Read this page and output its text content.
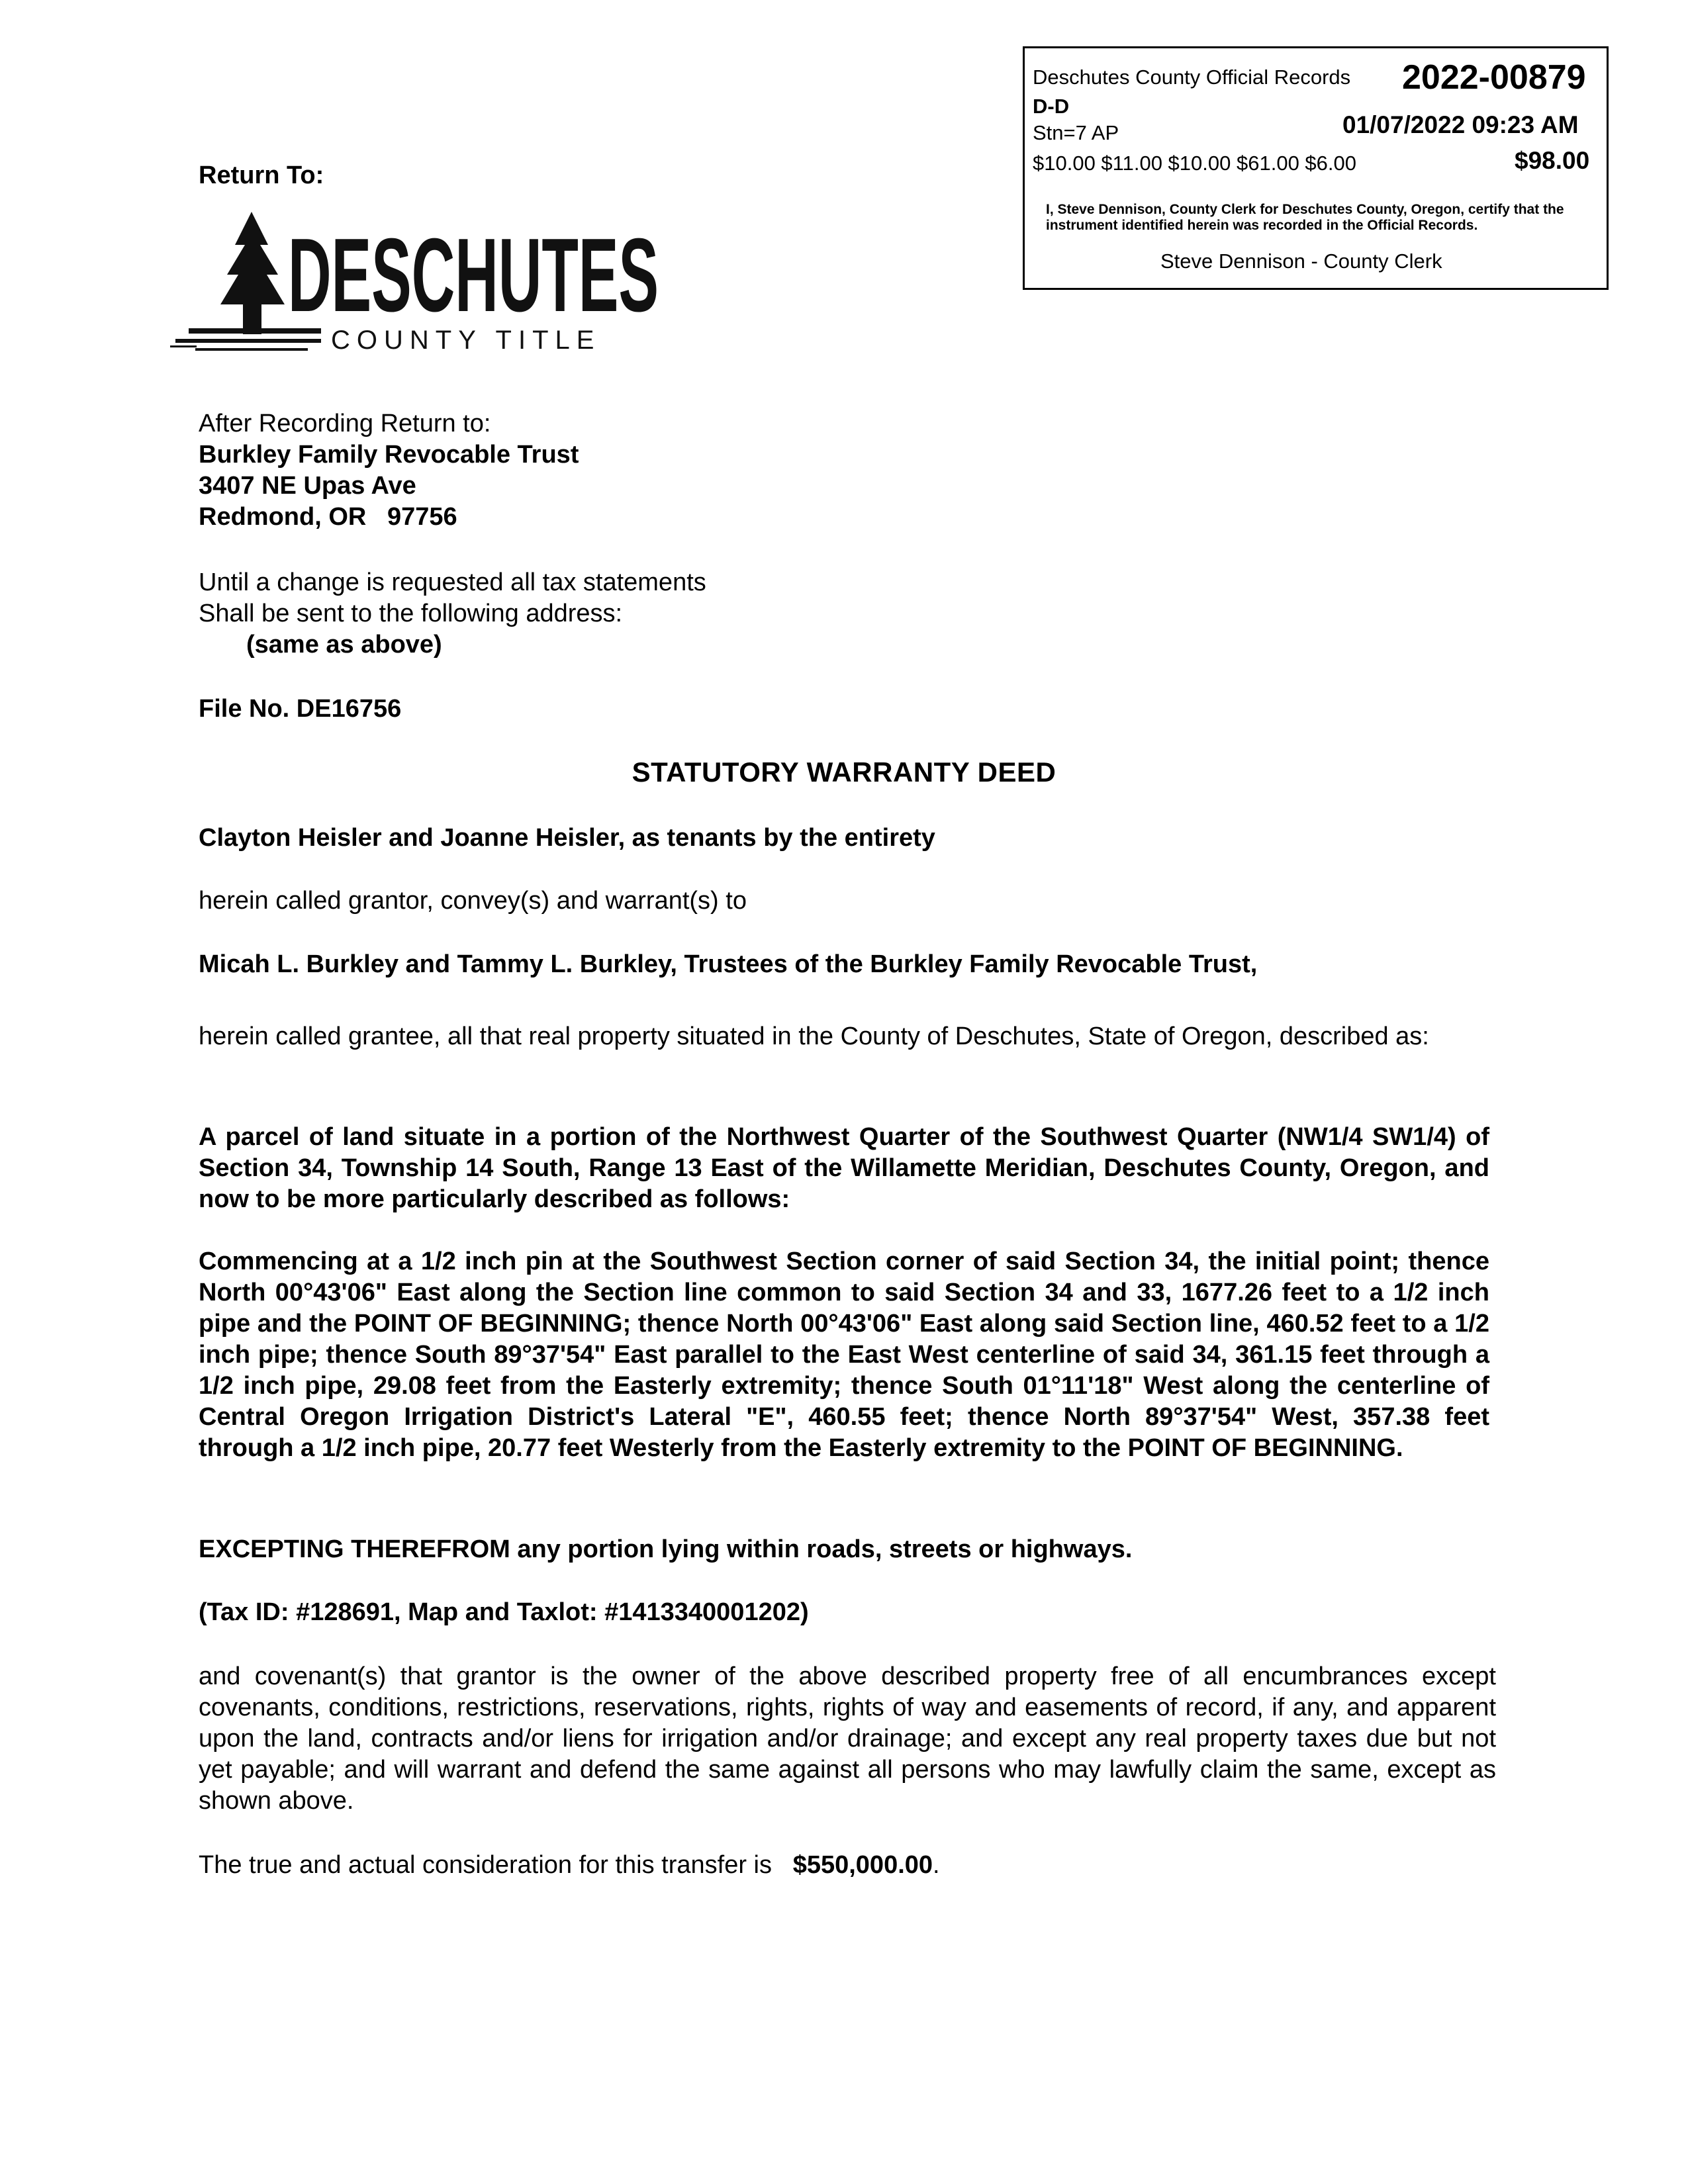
Deschutes County Official Records 2022-00879
D-D
Stn=7 AP	01/07/2022 09:23 AM
$10.00 $11.00 $10.00 $61.00 $6.00	$98.00
I, Steve Dennison, County Clerk for Deschutes County, Oregon, certify that the instrument identified herein was recorded in the Official Records.
Steve Dennison - County Clerk
Return To:
DESCHUTES
COUNTY TITLE
After Recording Return to:
Burkley Family Revocable Trust
3407 NE Upas Ave
Redmond, OR   97756
Until a change is requested all tax statements
Shall be sent to the following address:
(same as above)
File No. DE16756
STATUTORY WARRANTY DEED
Clayton Heisler and Joanne Heisler, as tenants by the entirety
herein called grantor, convey(s) and warrant(s) to
Micah L. Burkley and Tammy L. Burkley, Trustees of the Burkley Family Revocable Trust,
herein called grantee, all that real property situated in the County of Deschutes, State of Oregon, described as:
A parcel of land situate in a portion of the Northwest Quarter of the Southwest Quarter (NW1/4 SW1/4) of Section 34, Township 14 South, Range 13 East of the Willamette Meridian, Deschutes County, Oregon, and now to be more particularly described as follows:
Commencing at a 1/2 inch pin at the Southwest Section corner of said Section 34, the initial point; thence North 00°43'06" East along the Section line common to said Section 34 and 33, 1677.26 feet to a 1/2 inch pipe and the POINT OF BEGINNING; thence North 00°43'06" East along said Section line, 460.52 feet to a 1/2 inch pipe; thence South 89°37'54" East parallel to the East West centerline of said 34, 361.15 feet through a 1/2 inch pipe, 29.08 feet from the Easterly extremity; thence South 01°11'18" West along the centerline of Central Oregon Irrigation District's Lateral "E", 460.55 feet; thence North 89°37'54" West, 357.38 feet through a 1/2 inch pipe, 20.77 feet Westerly from the Easterly extremity to the POINT OF BEGINNING.
EXCEPTING THEREFROM any portion lying within roads, streets or highways.
(Tax ID: #128691, Map and Taxlot: #1413340001202)
and covenant(s) that grantor is the owner of the above described property free of all encumbrances except covenants, conditions, restrictions, reservations, rights, rights of way and easements of record, if any, and apparent upon the land, contracts and/or liens for irrigation and/or drainage; and except any real property taxes due but not yet payable; and will warrant and defend the same against all persons who may lawfully claim the same, except as shown above.
The true and actual consideration for this transfer is $550,000.00.
